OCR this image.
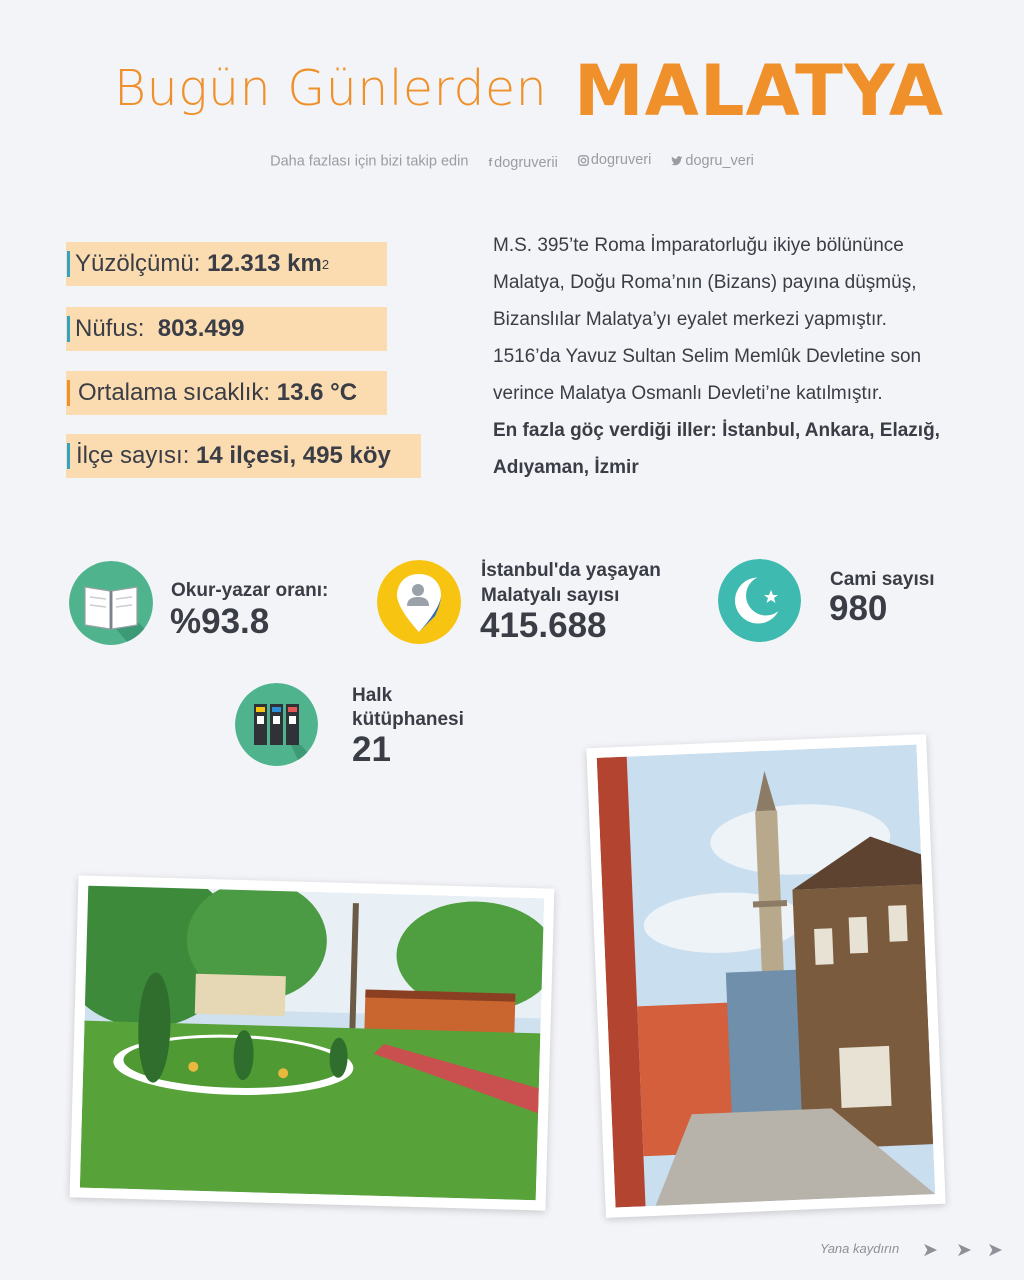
Bugün Günlerden MALATYA
Daha fazlası için bizi takip edin f dogruverii
dogruveri
dogru_veri
Yüzölçümü:
12.313 km 2
Nüfus:
803.499
Ortalama sıcaklık:
13.6 °C
İlçe sayısı:
14 ilçesi, 495 köy
M.S. 395’te Roma İmparatorluğu ikiye bölününce
Malatya, Doğu Roma’nın (Bizans) payına düşmüş,
Bizanslılar Malatya’yı eyalet merkezi yapmıştır.
1516’da Yavuz Sultan Selim Memlûk Devletine son
verince Malatya Osmanlı Devleti’ne katılmıştır.
En fazla göç verdiği iller: İstanbul, Ankara, Elazığ,
Adıyaman, İzmir
Okur-yazar oranı:
%93.8
İstanbul'da yaşayan
Malatyalı sayısı
415.688
Cami sayısı
980
Halk
kütüphanesi
21
Yana kaydırın ➤ ➤ ➤
